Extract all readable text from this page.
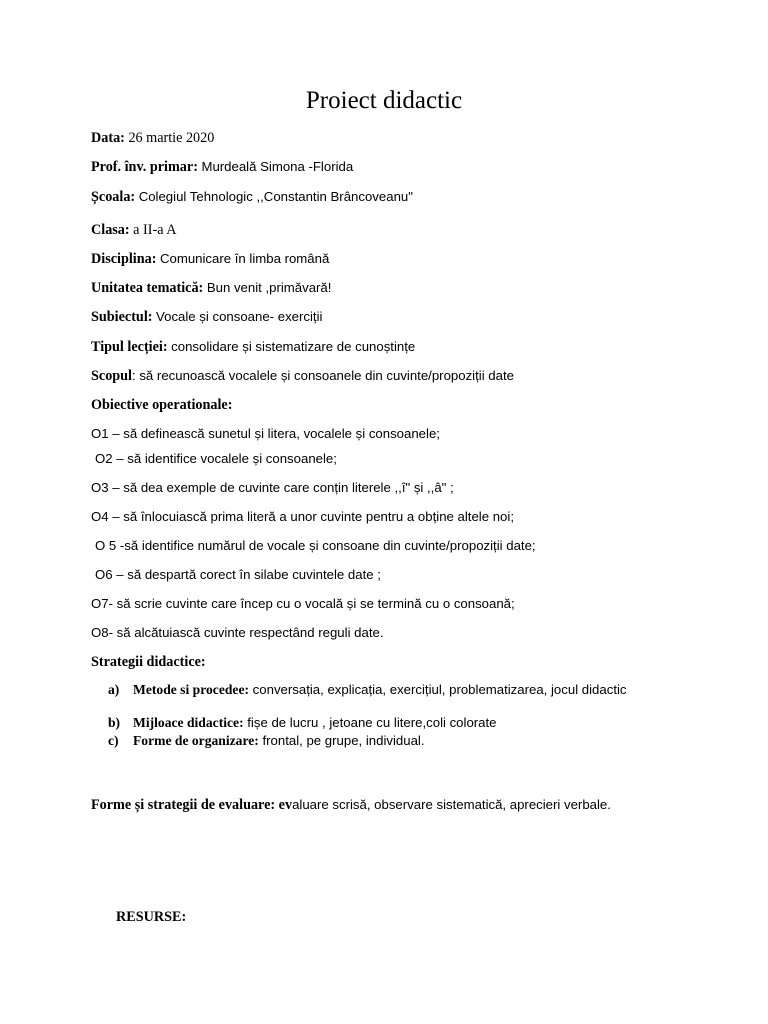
Proiect didactic
Data: 26 martie 2020
Prof. înv. primar: Murdeală Simona -Florida
Școala: Colegiul Tehnologic ,,Constantin Brâncoveanu"
Clasa: a II-a A
Disciplina: Comunicare în limba română
Unitatea tematică: Bun venit ,primăvară!
Subiectul: Vocale și consoane- exerciții
Tipul lecției: consolidare și sistematizare de cunoștințe
Scopul: să recunoască vocalele și consoanele din cuvinte/propoziții date
Obiective operationale:
O1 – să definească sunetul și litera, vocalele și consoanele;
O2 – să identifice vocalele și consoanele;
O3 – să dea exemple de cuvinte care conțin literele ,,î" și ,,â" ;
O4 – să înlocuiască prima literă a unor cuvinte pentru a obține altele noi;
O 5 -să identifice numărul de vocale și consoane din cuvinte/propoziții date;
O6 – să despartă corect în silabe cuvintele date ;
O7- să scrie cuvinte care încep cu o vocală și se termină cu o consoană;
O8- să alcătuiască cuvinte respectând reguli date.
Strategii didactice:
a) Metode si procedee: conversația, explicația, exercițiul, problematizarea, jocul didactic
b) Mijloace didactice: fișe de lucru , jetoane cu litere,coli colorate
c) Forme de organizare: frontal, pe grupe, individual.
Forme și strategii de evaluare: evaluare scrisă, observare sistematică, aprecieri verbale.
RESURSE:
